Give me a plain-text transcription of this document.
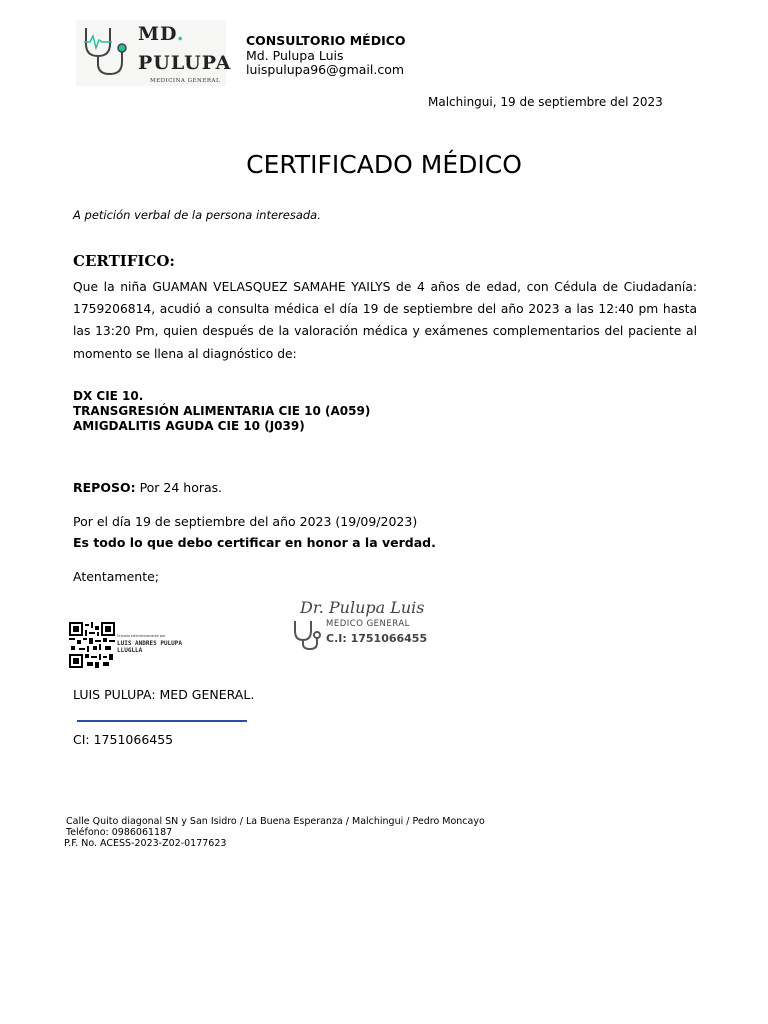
MD.
PULUPA
MEDICINA GENERAL
CONSULTORIO MÉDICO
Md. Pulupa Luis
luispulupa96@gmail.com
Malchingui, 19 de septiembre del 2023
CERTIFICADO MÉDICO
A petición verbal de la persona interesada.
CERTIFICO:
Que la niña GUAMAN VELASQUEZ SAMAHE YAILYS de 4 años de edad, con Cédula de Ciudadanía: 1759206814, acudió a consulta médica el día 19 de septiembre del año 2023 a las 12:40 pm hasta las 13:20 Pm, quien después de la valoración médica y exámenes complementarios del paciente al momento se llena al diagnóstico de:
DX CIE 10.
TRANSGRESIÓN ALIMENTARIA CIE 10 (A059)
AMIGDALITIS AGUDA CIE 10 (J039)
REPOSO: Por 24 horas.
Por el día 19 de septiembre del año 2023 (19/09/2023)
Es todo lo que debo certificar en honor a la verdad.
Atentamente;
Firmado electrónicamente por:
LUIS ANDRES PULUPA
LLUGLLA
Dr. Pulupa Luis
MEDICO GENERAL
C.I: 1751066455
LUIS PULUPA: MED GENERAL.
CI: 1751066455
Calle Quito diagonal SN y San Isidro / La Buena Esperanza / Malchingui / Pedro Moncayo
Teléfono: 0986061187
P.F. No. ACESS-2023-Z02-0177623
